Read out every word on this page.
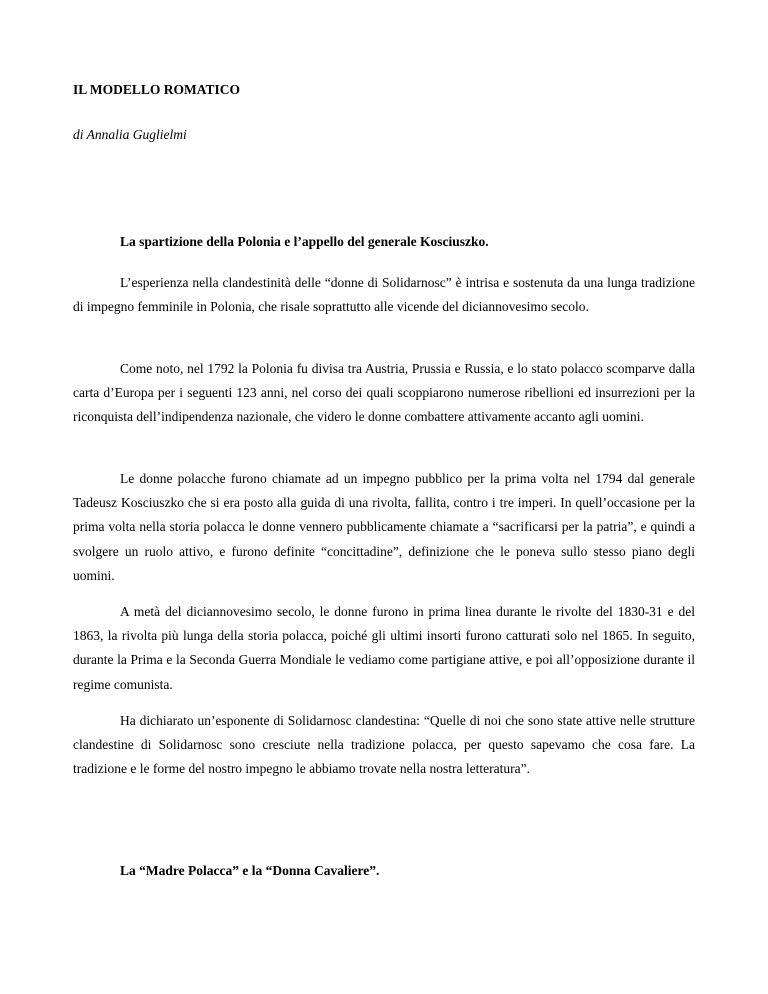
IL MODELLO ROMATICO
di Annalia Guglielmi
La spartizione della Polonia e l’appello del generale Kosciuszko.

L’esperienza nella clandestinità delle “donne di Solidarnosc” è intrisa e sostenuta da una lunga tradizione di impegno femminile in Polonia, che risale soprattutto alle vicende del diciannovesimo secolo.

Come noto, nel 1792 la Polonia fu divisa tra Austria, Prussia e Russia, e lo stato polacco scomparve dalla carta d’Europa per i seguenti 123 anni, nel corso dei quali scoppiarono numerose ribellioni ed insurrezioni per la riconquista dell’indipendenza nazionale, che videro le donne combattere attivamente accanto agli uomini.

Le donne polacche furono chiamate ad un impegno pubblico per la prima volta nel 1794 dal generale Tadeusz Kosciuszko che si era posto alla guida di una rivolta, fallita, contro i tre imperi. In quell’occasione per la prima volta nella storia polacca le donne vennero pubblicamente chiamate a “sacrificarsi per la patria”, e quindi a svolgere un ruolo attivo, e furono definite “concittadine”, definizione che le poneva sullo stesso piano degli uomini.

A metà del diciannovesimo secolo, le donne furono in prima linea durante le rivolte del 1830-31 e del 1863, la rivolta più lunga della storia polacca, poiché gli ultimi insorti furono catturati solo nel 1865. In seguito, durante la Prima e la Seconda Guerra Mondiale le vediamo come partigiane attive, e poi all’opposizione durante il regime comunista.

Ha dichiarato un’esponente di Solidarnosc clandestina: “Quelle di noi che sono state attive nelle strutture clandestine di Solidarnosc sono cresciute nella tradizione polacca, per questo sapevamo che cosa fare. La tradizione e le forme del nostro impegno le abbiamo trovate nella nostra letteratura”.

La “Madre Polacca” e la “Donna Cavaliere”.
